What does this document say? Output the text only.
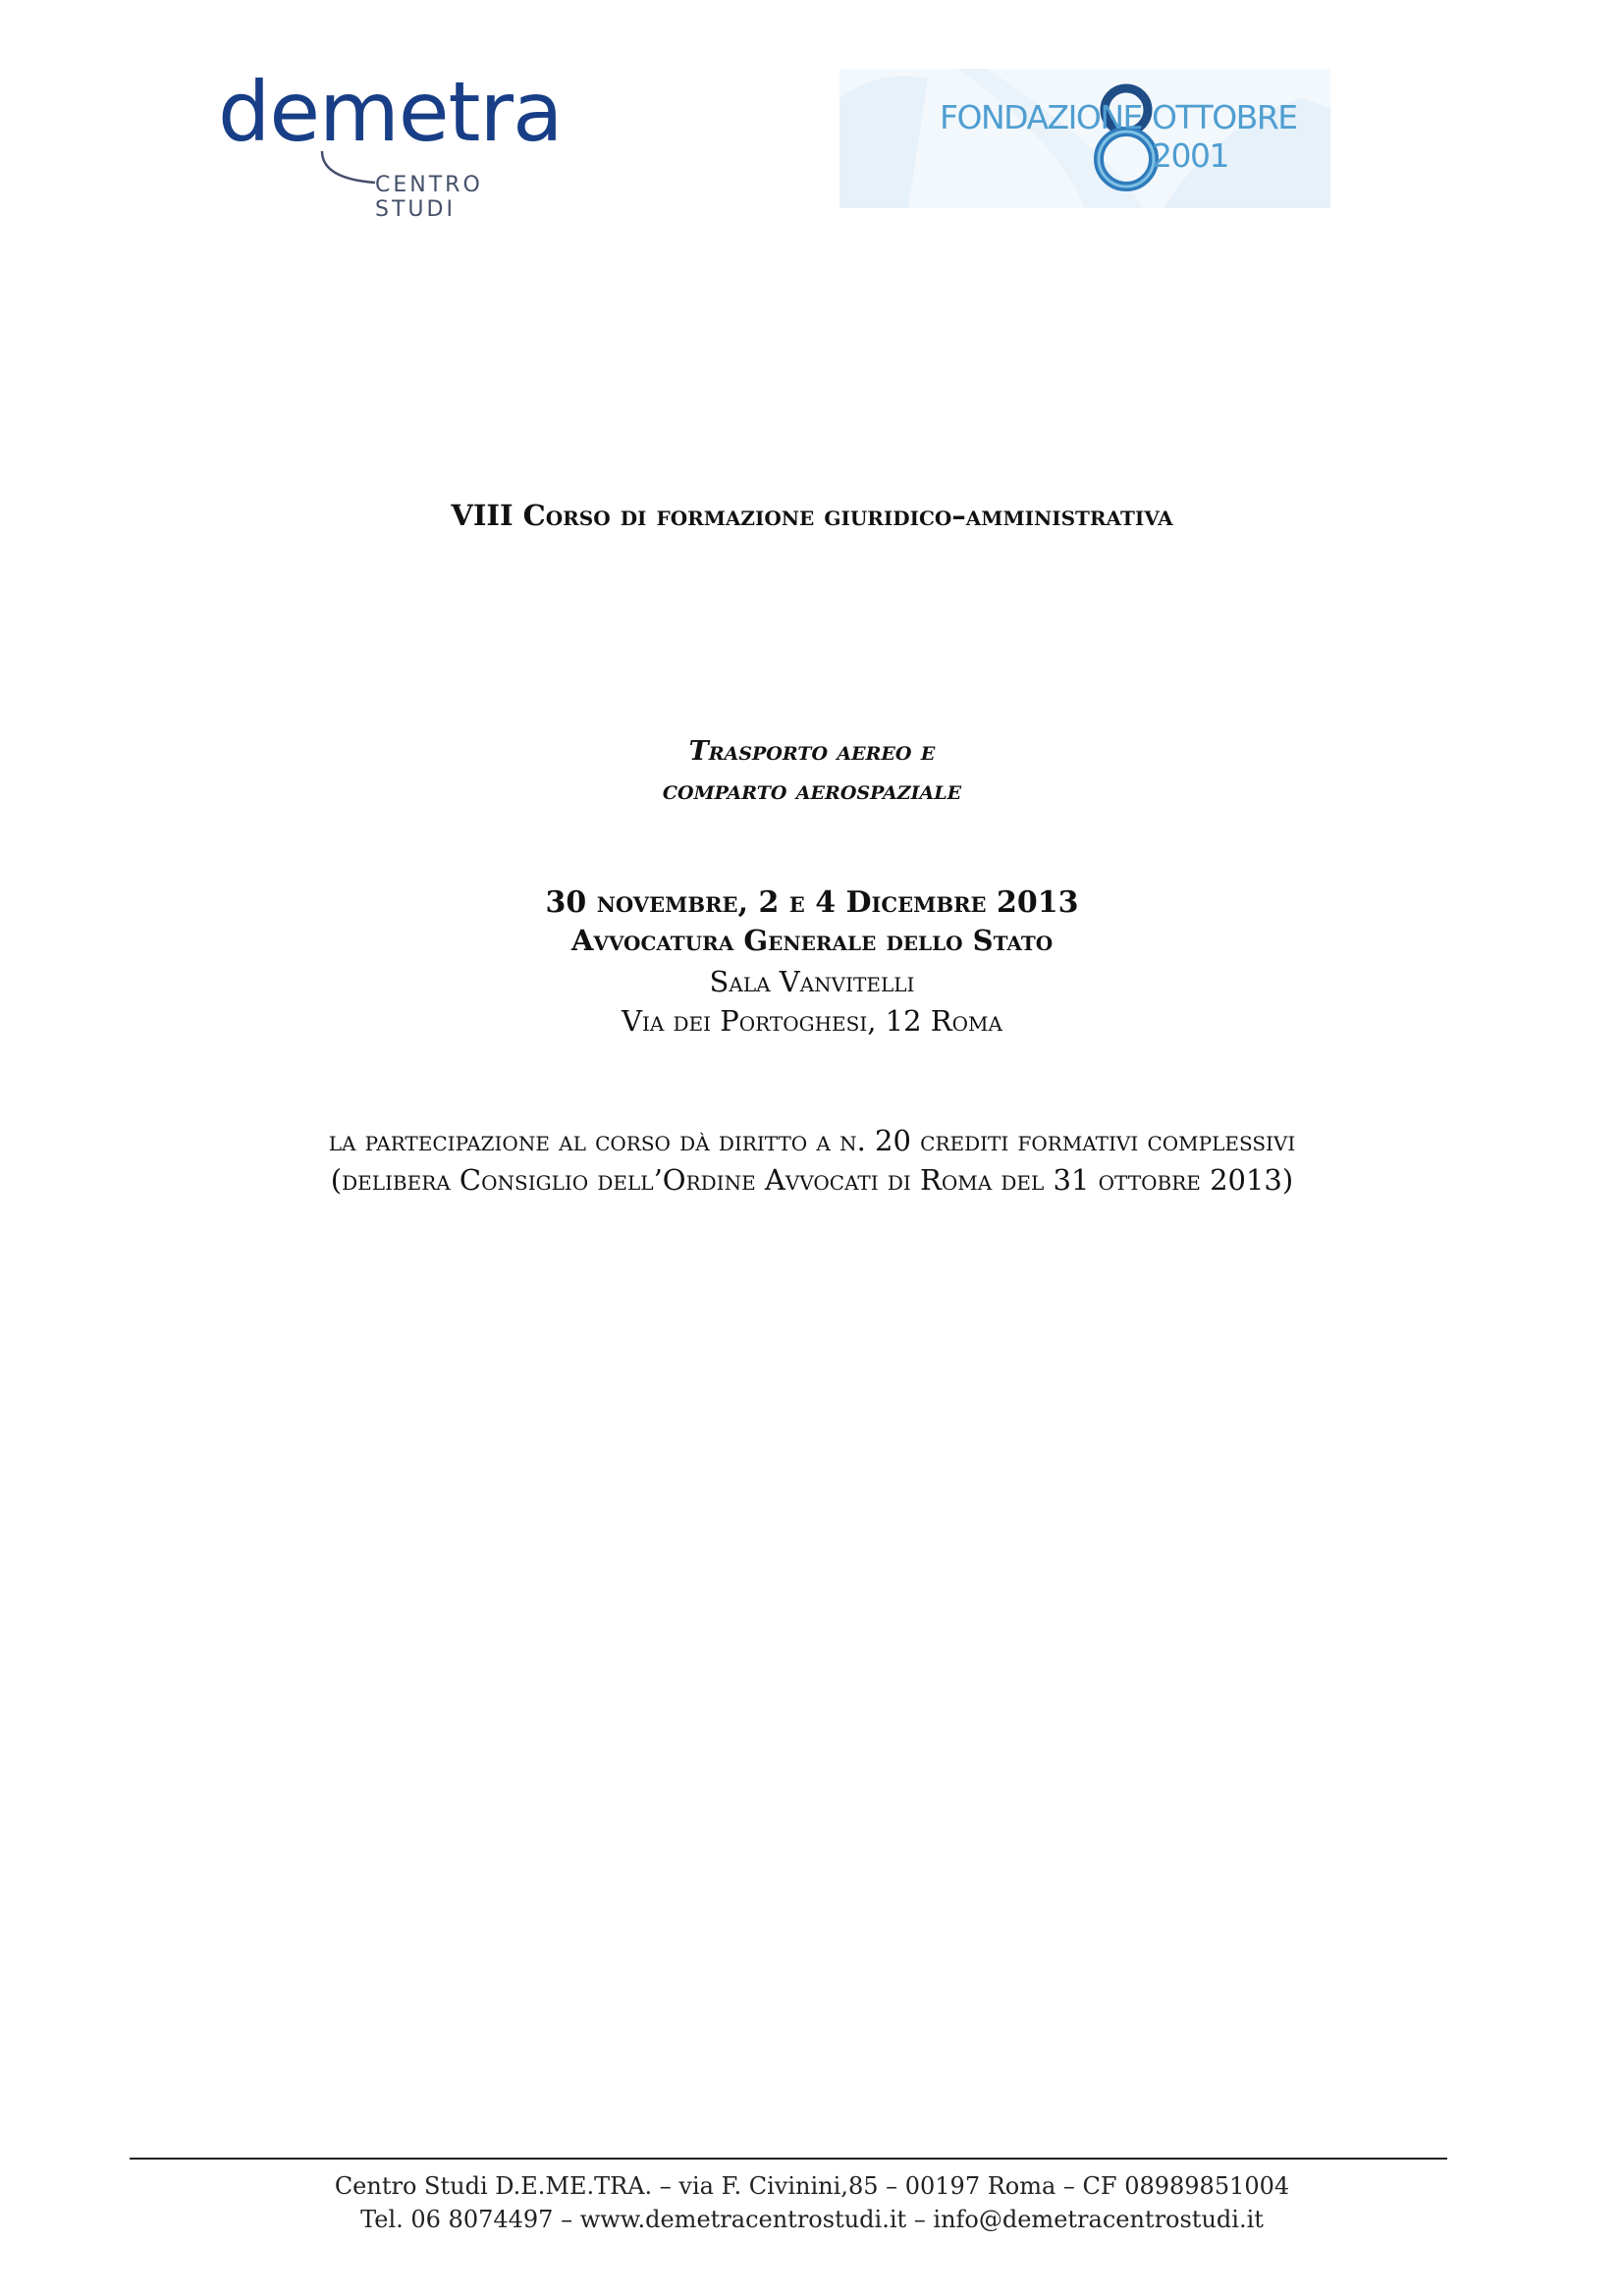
demetra
CENTRO STUDI
FONDAZIONE OTTOBRE 2001
VIII Corso di formazione giuridico–amministrativa
Trasporto aereo e
comparto aerospaziale
30 novembre, 2 e 4 Dicembre 2013
Avvocatura Generale dello Stato
Sala Vanvitelli
Via dei Portoghesi, 12 Roma
la partecipazione al corso dà diritto a n. 20 crediti formativi complessivi
(delibera Consiglio dell’Ordine Avvocati di Roma del 31 ottobre 2013)
Centro Studi D.E.ME.TRA. – via F. Civinini,85 – 00197 Roma – CF 08989851004
Tel. 06 8074497 – www.demetracentrostudi.it – info@demetracentrostudi.it
